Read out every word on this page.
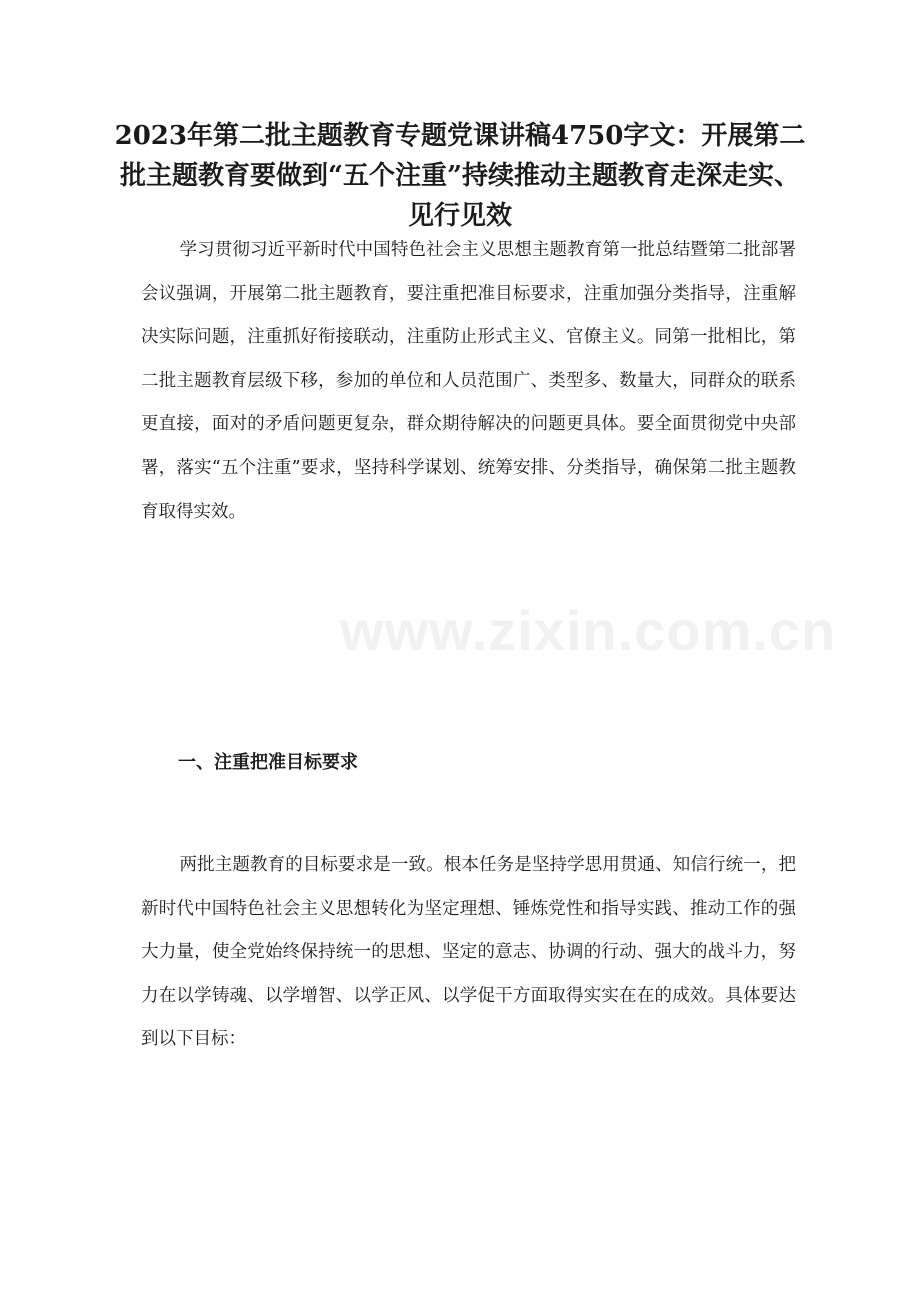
2023年第二批主题教育专题党课讲稿4750字文：开展第二批主题教育要做到“五个注重”持续推动主题教育走深走实、见行见效

学习贯彻习近平新时代中国特色社会主义思想主题教育第一批总结暨第二批部署会议强调，开展第二批主题教育，要注重把准目标要求，注重加强分类指导，注重解决实际问题，注重抓好衔接联动，注重防止形式主义、官僚主义。同第一批相比，第二批主题教育层级下移，参加的单位和人员范围广、类型多、数量大，同群众的联系更直接，面对的矛盾问题更复杂，群众期待解决的问题更具体。要全面贯彻党中央部署，落实“五个注重”要求，坚持科学谋划、统筹安排、分类指导，确保第二批主题教育取得实效。

www.zixin.com.cn
一、注重把准目标要求

两批主题教育的目标要求是一致。根本任务是坚持学思用贯通、知信行统一，把新时代中国特色社会主义思想转化为坚定理想、锤炼党性和指导实践、推动工作的强大力量，使全党始终保持统一的思想、坚定的意志、协调的行动、强大的战斗力，努力在以学铸魂、以学增智、以学正风、以学促干方面取得实实在在的成效。具体要达到以下目标：
